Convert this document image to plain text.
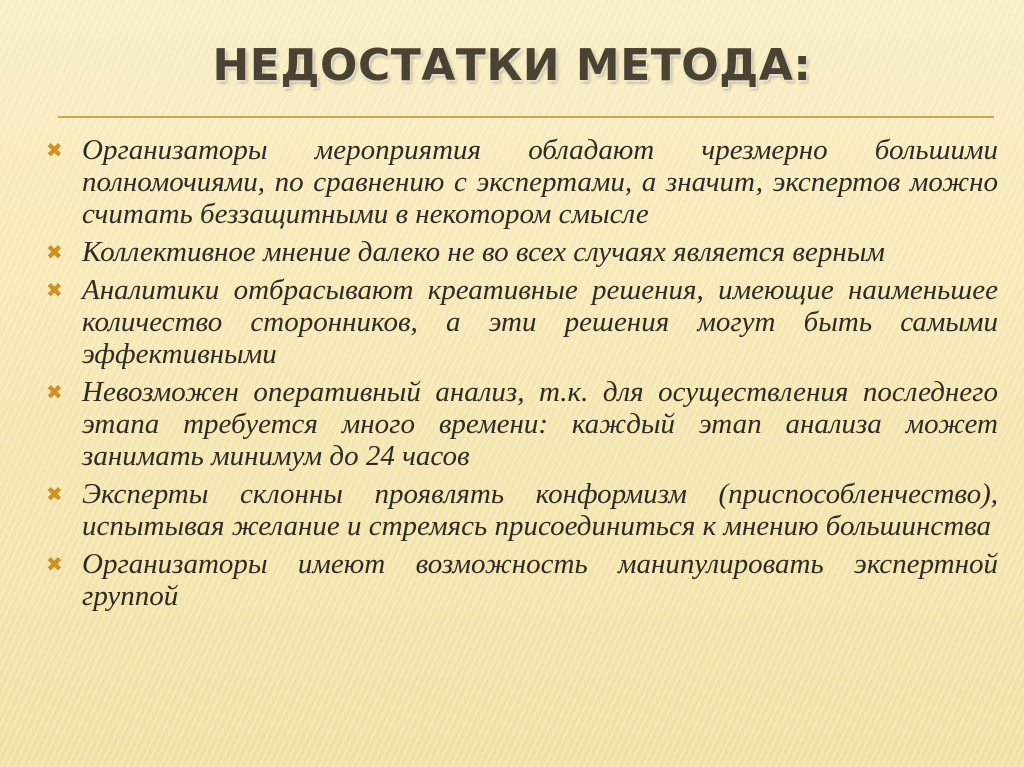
НЕДОСТАТКИ МЕТОДА:
✖ Организаторы мероприятия обладают чрезмерно большими полномочиями, по сравнению с экспертами, а значит, экспертов можно считать беззащитными в некотором смысле
✖ Коллективное мнение далеко не во всех случаях является верным
✖ Аналитики отбрасывают креативные решения, имеющие наименьшее количество сторонников, а эти решения могут быть самыми эффективными
✖ Невозможен оперативный анализ, т.к. для осуществления последнего этапа требуется много времени: каждый этап анализа может занимать минимум до 24 часов
✖ Эксперты склонны проявлять конформизм (приспособленчество), испытывая желание и стремясь присоединиться к мнению большинства
✖ Организаторы имеют возможность манипулировать экспертной группой
